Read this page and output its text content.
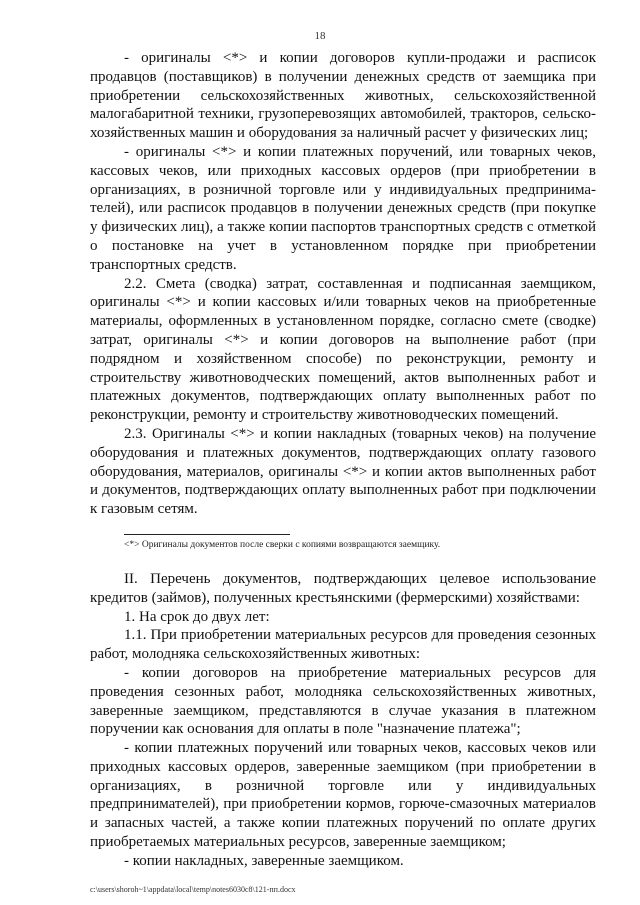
18

- оригиналы <*> и копии договоров купли-продажи и расписок продавцов (поставщиков) в получении денежных средств от заемщика при приобретении сельскохозяйственных животных, сельскохозяйственной малогабаритной техники, грузоперевозящих автомобилей, тракторов, сельско-хозяйственных машин и оборудования за наличный расчет у физических лиц;

- оригиналы <*> и копии платежных поручений, или товарных чеков, кассовых чеков, или приходных кассовых ордеров (при приобретении в организациях, в розничной торговле или у индивидуальных предпринима-телей), или расписок продавцов в получении денежных средств (при покупке у физических лиц), а также копии паспортов транспортных средств с отметкой о постановке на учет в установленном порядке при приобретении транспортных средств.

2.2. Смета (сводка) затрат, составленная и подписанная заемщиком, оригиналы <*> и копии кассовых и/или товарных чеков на приобретенные материалы, оформленных в установленном порядке, согласно смете (сводке) затрат, оригиналы <*> и копии договоров на выполнение работ (при подрядном и хозяйственном способе) по реконструкции, ремонту и строительству животноводческих помещений, актов выполненных работ и платежных документов, подтверждающих оплату выполненных работ по реконструкции, ремонту и строительству животноводческих помещений.

2.3. Оригиналы <*> и копии накладных (товарных чеков) на получение оборудования и платежных документов, подтверждающих оплату газового оборудования, материалов, оригиналы <*> и копии актов выполненных работ и документов, подтверждающих оплату выполненных работ при подключении к газовым сетям.

<*> Оригиналы документов после сверки с копиями возвращаются заемщику.

II. Перечень документов, подтверждающих целевое использование кредитов (займов), полученных крестьянскими (фермерскими) хозяйствами:

1. На срок до двух лет:

1.1. При приобретении материальных ресурсов для проведения сезонных работ, молодняка сельскохозяйственных животных:

- копии договоров на приобретение материальных ресурсов для проведения сезонных работ, молодняка сельскохозяйственных животных, заверенные заемщиком, представляются в случае указания в платежном поручении как основания для оплаты в поле "назначение платежа";

- копии платежных поручений или товарных чеков, кассовых чеков или приходных кассовых ордеров, заверенные заемщиком (при приобретении в организациях, в розничной торговле или у индивидуальных предпринимателей), при приобретении кормов, горюче-смазочных материалов и запасных частей, а также копии платежных поручений по оплате других приобретаемых материальных ресурсов, заверенные заемщиком;

- копии накладных, заверенные заемщиком.

c:\users\shoroh~1\appdata\local\temp\notes6030c8\121-пп.docx
